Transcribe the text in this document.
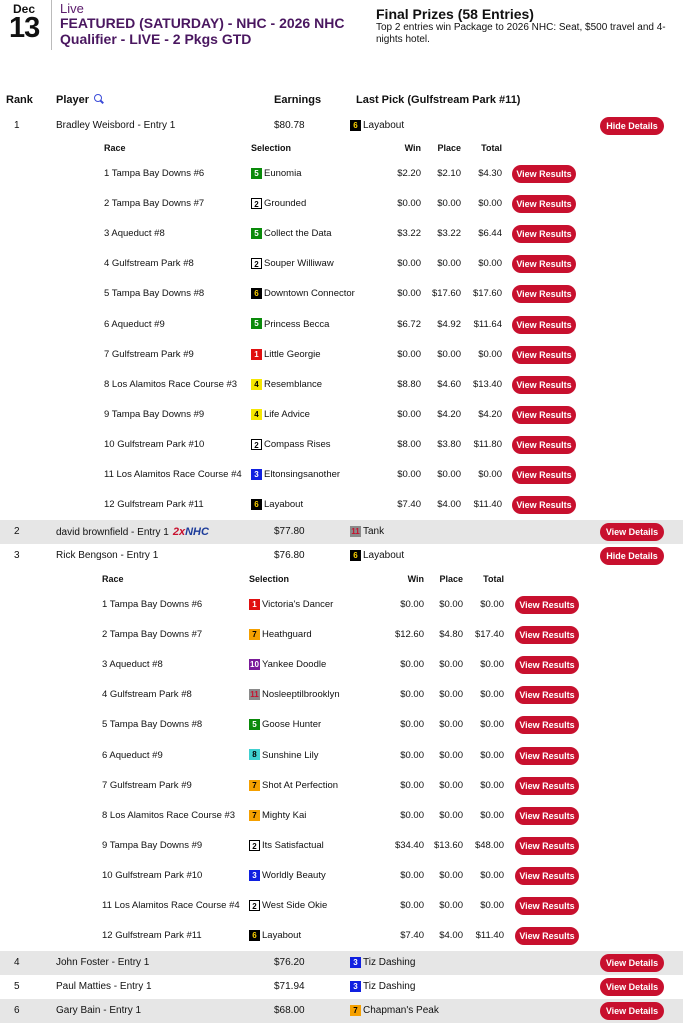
Dec
13
Live
FEATURED (SATURDAY) - NHC - 2026 NHC Qualifier - LIVE - 2 Pkgs GTD
Final Prizes (58 Entries)
Top 2 entries win Package to 2026 NHC: Seat, $500 travel and 4-nights hotel.
Rank Player	Earnings	Last Pick (Gulfstream Park #11)
1	Bradley Weisbord - Entry 1	$80.78	6 Layabout	Hide Details
Race	Selection	Win	Place	Total
1 Tampa Bay Downs #6	5 Eunomia	$2.20	$2.10	$4.30	View Results
2 Tampa Bay Downs #7	2 Grounded	$0.00	$0.00	$0.00	View Results
3 Aqueduct #8	5 Collect the Data	$3.22	$3.22	$6.44	View Results
4 Gulfstream Park #8	2 Souper Williwaw	$0.00	$0.00	$0.00	View Results
5 Tampa Bay Downs #8	6 Downtown Connector	$0.00	$17.60	$17.60	View Results
6 Aqueduct #9	5 Princess Becca	$6.72	$4.92	$11.64	View Results
7 Gulfstream Park #9	1 Little Georgie	$0.00	$0.00	$0.00	View Results
8 Los Alamitos Race Course #3	4 Resemblance	$8.80	$4.60	$13.40	View Results
9 Tampa Bay Downs #9	4 Life Advice	$0.00	$4.20	$4.20	View Results
10 Gulfstream Park #10	2 Compass Rises	$8.00	$3.80	$11.80	View Results
11 Los Alamitos Race Course #4	3 Eltonsingsanother	$0.00	$0.00	$0.00	View Results
12 Gulfstream Park #11	6 Layabout	$7.40	$4.00	$11.40	View Results
2	david brownfield - Entry 1 2xNHC	$77.80	11 Tank	View Details
3	Rick Bengson - Entry 1	$76.80	6 Layabout	Hide Details
Race	Selection	Win	Place	Total
1 Tampa Bay Downs #6	1 Victoria's Dancer	$0.00	$0.00	$0.00	View Results
2 Tampa Bay Downs #7	7 Heathguard	$12.60	$4.80	$17.40	View Results
3 Aqueduct #8	10 Yankee Doodle	$0.00	$0.00	$0.00	View Results
4 Gulfstream Park #8	11 Nosleeptilbrooklyn	$0.00	$0.00	$0.00	View Results
5 Tampa Bay Downs #8	5 Goose Hunter	$0.00	$0.00	$0.00	View Results
6 Aqueduct #9	8 Sunshine Lily	$0.00	$0.00	$0.00	View Results
7 Gulfstream Park #9	7 Shot At Perfection	$0.00	$0.00	$0.00	View Results
8 Los Alamitos Race Course #3	7 Mighty Kai	$0.00	$0.00	$0.00	View Results
9 Tampa Bay Downs #9	2 Its Satisfactual	$34.40	$13.60	$48.00	View Results
10 Gulfstream Park #10	3 Worldly Beauty	$0.00	$0.00	$0.00	View Results
11 Los Alamitos Race Course #4	2 West Side Okie	$0.00	$0.00	$0.00	View Results
12 Gulfstream Park #11	6 Layabout	$7.40	$4.00	$11.40	View Results
4	John Foster - Entry 1	$76.20	3 Tiz Dashing	View Details
5	Paul Matties - Entry 1	$71.94	3 Tiz Dashing	View Details
6	Gary Bain - Entry 1	$68.00	7 Chapman's Peak	View Details
